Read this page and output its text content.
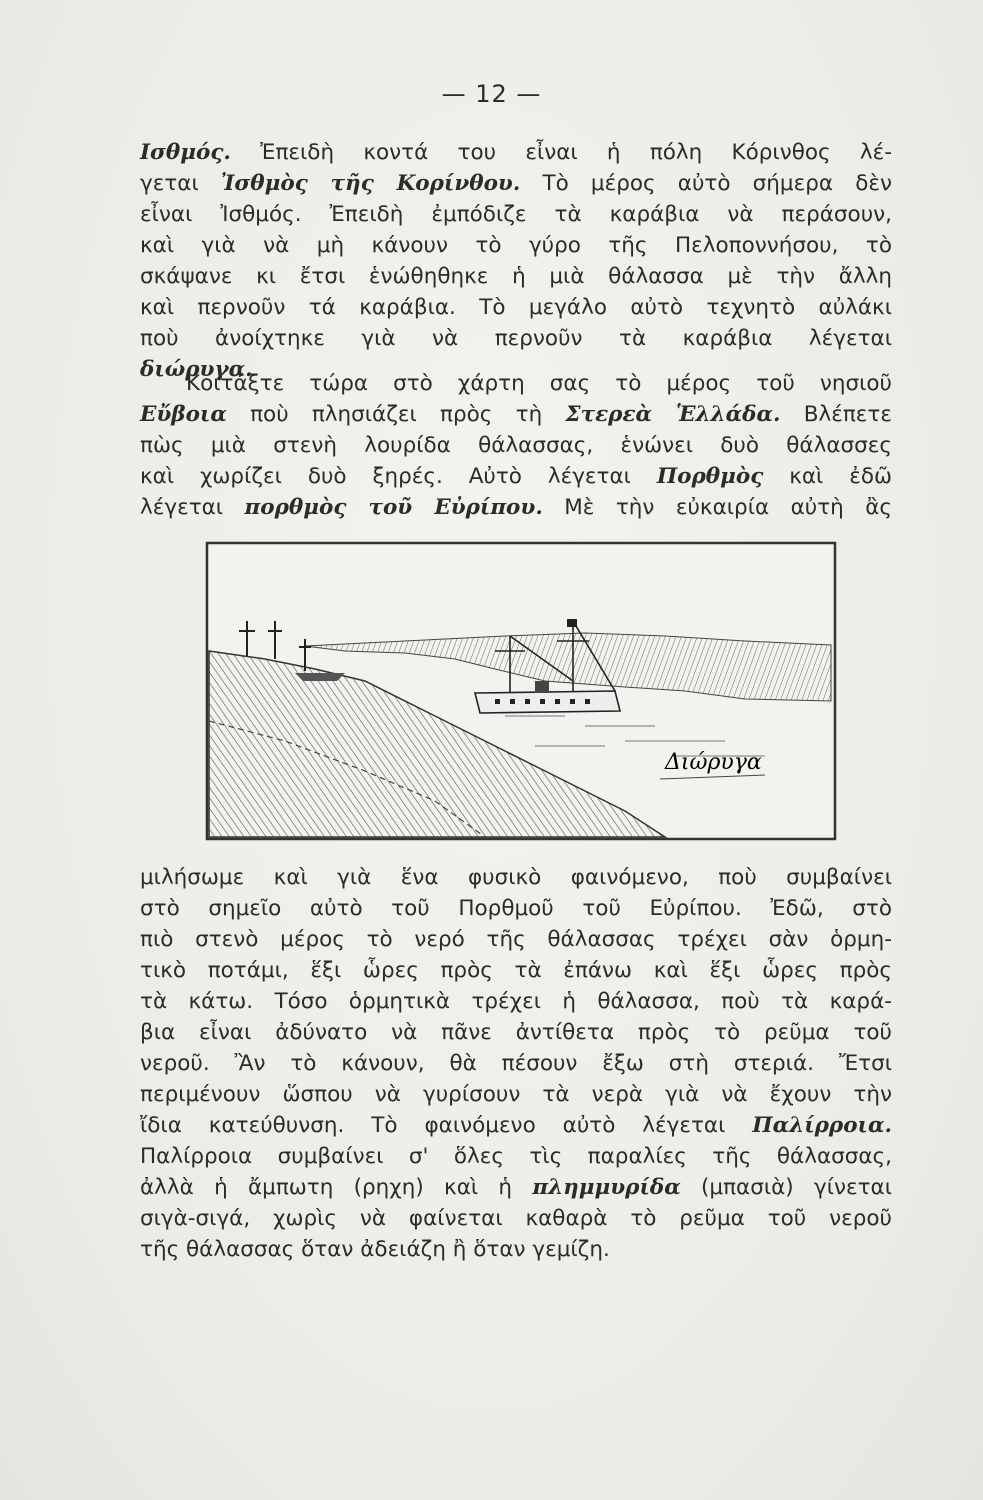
— 12 —
Ισθμός. Ἐπειδὴ κοντά του εἶναι ἡ πόλη Κόρινθος λέ-
γεται Ἰσθμὸς τῆς Κορίνθου. Τὸ μέρος αὐτὸ σήμερα δὲν
εἶναι Ἰσθμός. Ἐπειδὴ ἐμπόδιζε τὰ καράβια νὰ περάσουν,
καὶ γιὰ νὰ μὴ κάνουν τὸ γύρο τῆς Πελοποννήσου, τὸ
σκάψανε κι ἔτσι ἑνώθηθηκε ἡ μιὰ θάλασσα μὲ τὴν ἄλλη
καὶ περνοῦν τά καράβια. Τὸ μεγάλο αὐτὸ τεχνητὸ αὐλάκι
ποὺ ἀνοίχτηκε γιὰ νὰ περνοῦν τὰ καράβια λέγεται
διώρυγα.
Κοιτάξτε τώρα στὸ χάρτη σας τὸ μέρος τοῦ νησιοῦ
Εὔβοια ποὺ πλησιάζει πρὸς τὴ Στερεὰ Ἑλλάδα. Βλέπετε
πὼς μιὰ στενὴ λουρίδα θάλασσας, ἑνώνει δυὸ θάλασσες
καὶ χωρίζει δυὸ ξηρές. Αὐτὸ λέγεται Πορθμὸς καὶ ἐδῶ
λέγεται πορθμὸς τοῦ Εὐρίπου. Μὲ τὴν εὐκαιρία αὐτὴ ἂς
Διώρυγα
μιλήσωμε καὶ γιὰ ἕνα φυσικὸ φαινόμενο, ποὺ συμβαίνει
στὸ σημεῖο αὐτὸ τοῦ Πορθμοῦ τοῦ Εὐρίπου. Ἐδῶ, στὸ
πιὸ στενὸ μέρος τὸ νερό τῆς θάλασσας τρέχει σὰν ὁρμη-
τικὸ ποτάμι, ἕξι ὧρες πρὸς τὰ ἐπάνω καὶ ἕξι ὧρες πρὸς
τὰ κάτω. Τόσο ὁρμητικὰ τρέχει ἡ θάλασσα, ποὺ τὰ καρά-
βια εἶναι ἀδύνατο νὰ πᾶνε ἀντίθετα πρὸς τὸ ρεῦμα τοῦ
νεροῦ. Ἂν τὸ κάνουν, θὰ πέσουν ἔξω στὴ στεριά. Ἔτσι
περιμένουν ὥσπου νὰ γυρίσουν τὰ νερὰ γιὰ νὰ ἔχουν τὴν
ἴδια κατεύθυνση. Τὸ φαινόμενο αὐτὸ λέγεται Παλίρροια.
Παλίρροια συμβαίνει σ' ὅλες τὶς παραλίες τῆς θάλασσας,
ἀλλὰ ἡ ἄμπωτη (ρηχη) καὶ ἡ πλημμυρίδα (μπασιὰ) γίνεται
σιγὰ-σιγά, χωρὶς νὰ φαίνεται καθαρὰ τὸ ρεῦμα τοῦ νεροῦ
τῆς θάλασσας ὅταν ἀδειάζη ἢ ὅταν γεμίζη.
